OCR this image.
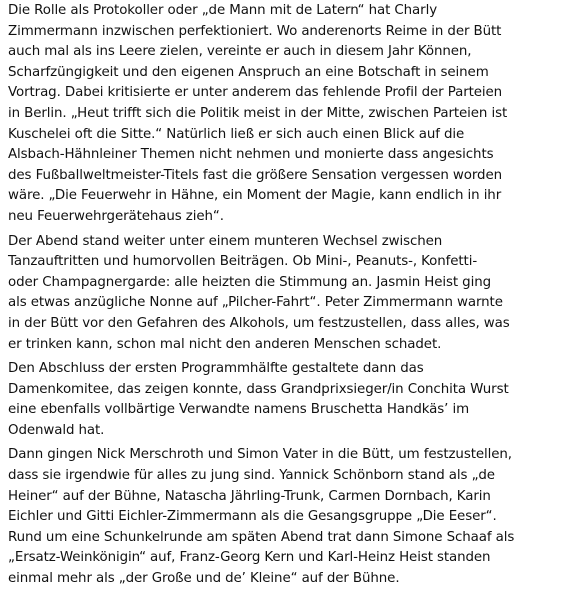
Die Rolle als Protokoller oder „de Mann mit de Latern“ hat Charly
Zimmermann inzwischen perfektioniert. Wo anderenorts Reime in der Bütt
auch mal als ins Leere zielen, vereinte er auch in diesem Jahr Können,
Scharfzüngigkeit und den eigenen Anspruch an eine Botschaft in seinem
Vortrag. Dabei kritisierte er unter anderem das fehlende Profil der Parteien
in Berlin. „Heut trifft sich die Politik meist in der Mitte, zwischen Parteien ist
Kuschelei oft die Sitte.“ Natürlich ließ er sich auch einen Blick auf die
Alsbach-Hähnleiner Themen nicht nehmen und monierte dass angesichts
des Fußballweltmeister-Titels fast die größere Sensation vergessen worden
wäre. „Die Feuerwehr in Hähne, ein Moment der Magie, kann endlich in ihr
neu Feuerwehrgerätehaus zieh“.

Der Abend stand weiter unter einem munteren Wechsel zwischen
Tanzauftritten und humorvollen Beiträgen. Ob Mini-, Peanuts-, Konfetti-
oder Champagnergarde: alle heizten die Stimmung an. Jasmin Heist ging
als etwas anzügliche Nonne auf „Pilcher-Fahrt“. Peter Zimmermann warnte
in der Bütt vor den Gefahren des Alkohols, um festzustellen, dass alles, was
er trinken kann, schon mal nicht den anderen Menschen schadet.

Den Abschluss der ersten Programmhälfte gestaltete dann das
Damenkomitee, das zeigen konnte, dass Grandprixsieger/in Conchita Wurst
eine ebenfalls vollbärtige Verwandte namens Bruschetta Handkäs’ im
Odenwald hat.

Dann gingen Nick Merschroth und Simon Vater in die Bütt, um festzustellen,
dass sie irgendwie für alles zu jung sind. Yannick Schönborn stand als „de
Heiner“ auf der Bühne, Natascha Jährling-Trunk, Carmen Dornbach, Karin
Eichler und Gitti Eichler-Zimmermann als die Gesangsgruppe „Die Eeser“.
Rund um eine Schunkelrunde am späten Abend trat dann Simone Schaaf als
„Ersatz-Weinkönigin“ auf, Franz-Georg Kern und Karl-Heinz Heist standen
einmal mehr als „der Große und de’ Kleine“ auf der Bühne.
